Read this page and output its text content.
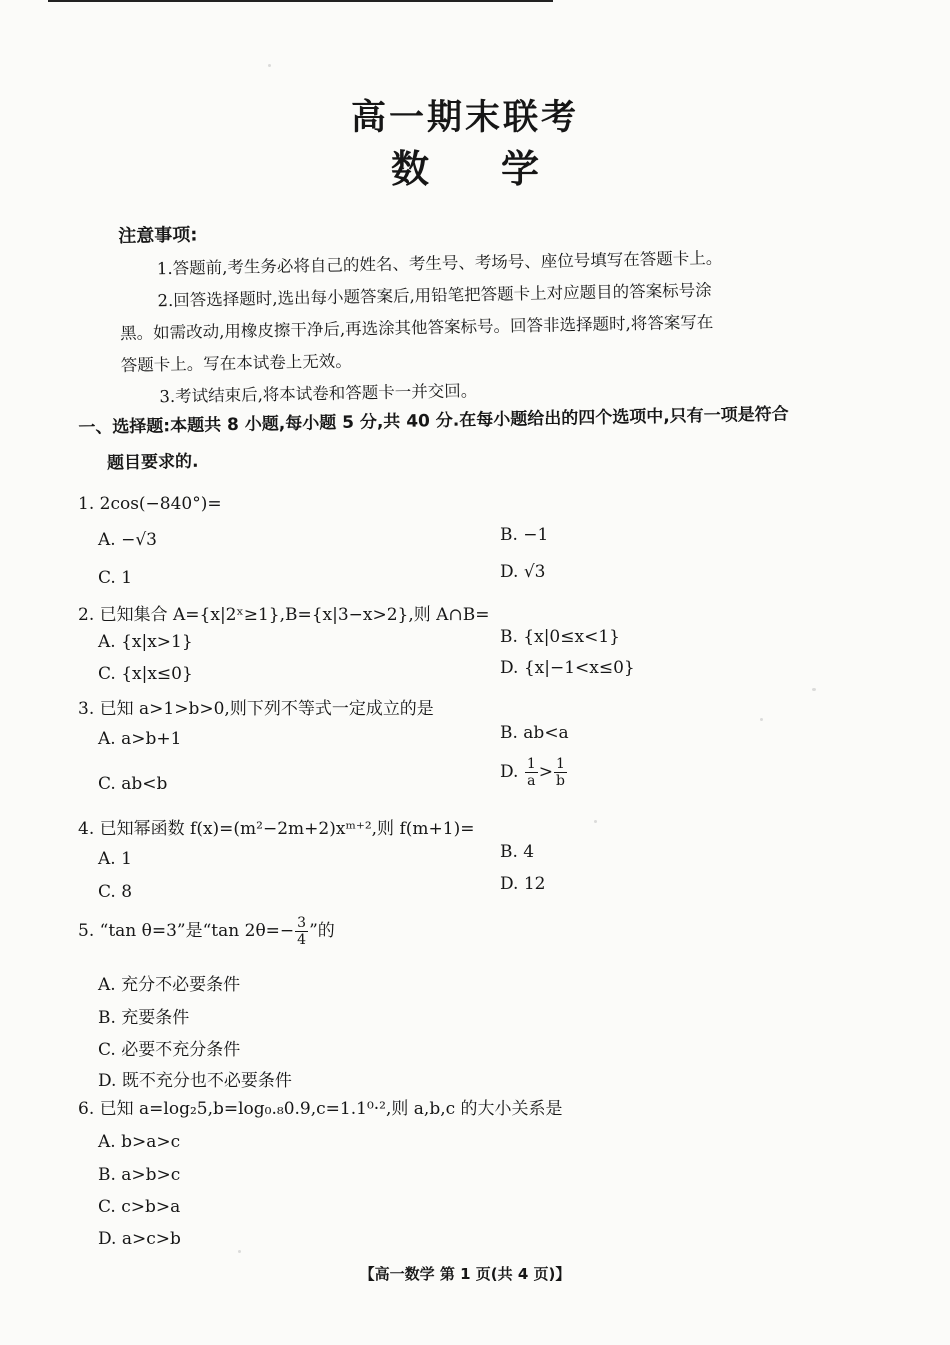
高一期末联考
数 学
注意事项:

1.答题前,考生务必将自己的姓名、考生号、考场号、座位号填写在答题卡上。

2.回答选择题时,选出每小题答案后,用铅笔把答题卡上对应题目的答案标号涂

黑。如需改动,用橡皮擦干净后,再选涂其他答案标号。回答非选择题时,将答案写在

答题卡上。写在本试卷上无效。

3.考试结束后,将本试卷和答题卡一并交回。

一、选择题:本题共 8 小题,每小题 5 分,共 40 分.在每小题给出的四个选项中,只有一项是符合
题目要求的.
1. 2cos(−840°)=
A. −√3	B. −1
C. 1	D. √3
2. 已知集合 A={x|2ˣ≥1},B={x|3−x>2},则 A∩B=
A. {x|x>1}	B. {x|0≤x<1}
C. {x|x≤0}	D. {x|−1<x≤0}
3. 已知 a>1>b>0,则下列不等式一定成立的是
A. a>b+1	B. ab<a
C. ab<b
D. $\frac{1}{a} > \frac{1}{b}$
4. 已知幂函数 f(x)=(m²−2m+2)xᵐ⁺²,则 f(m+1)=
A. 1	B. 4
C. 8	D. 12
5. “tan θ=3”是“tan $2\theta=- \frac{3}{4}$ ”的
A. 充分不必要条件
B. 充要条件
C. 必要不充分条件
D. 既不充分也不必要条件
6. 已知 a=log₂5,b=log₀.₈0.9,c=1.1⁰·²,则 a,b,c 的大小关系是
A. b>a>c
B. a>b>c
C. c>b>a
D. a>c>b
【高一数学 第 1 页(共 4 页)】
